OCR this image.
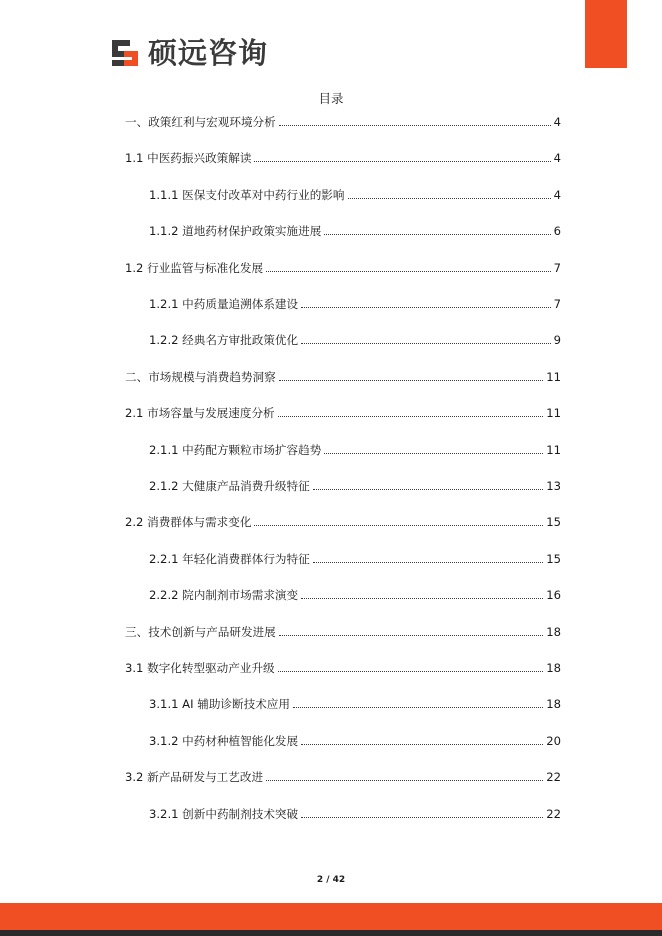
硕远咨询
目录
一、政策红利与宏观环境分析	4
1.1 中医药振兴政策解读	4
1.1.1 医保支付改革对中药行业的影响	4
1.1.2 道地药材保护政策实施进展	6
1.2 行业监管与标准化发展	7
1.2.1 中药质量追溯体系建设	7
1.2.2 经典名方审批政策优化	9
二、市场规模与消费趋势洞察	11
2.1 市场容量与发展速度分析	11
2.1.1 中药配方颗粒市场扩容趋势	11
2.1.2 大健康产品消费升级特征	13
2.2 消费群体与需求变化	15
2.2.1 年轻化消费群体行为特征	15
2.2.2 院内制剂市场需求演变	16
三、技术创新与产品研发进展	18
3.1 数字化转型驱动产业升级	18
3.1.1 AI 辅助诊断技术应用	18
3.1.2 中药材种植智能化发展	20
3.2 新产品研发与工艺改进	22
3.2.1 创新中药制剂技术突破	22
2 / 42
